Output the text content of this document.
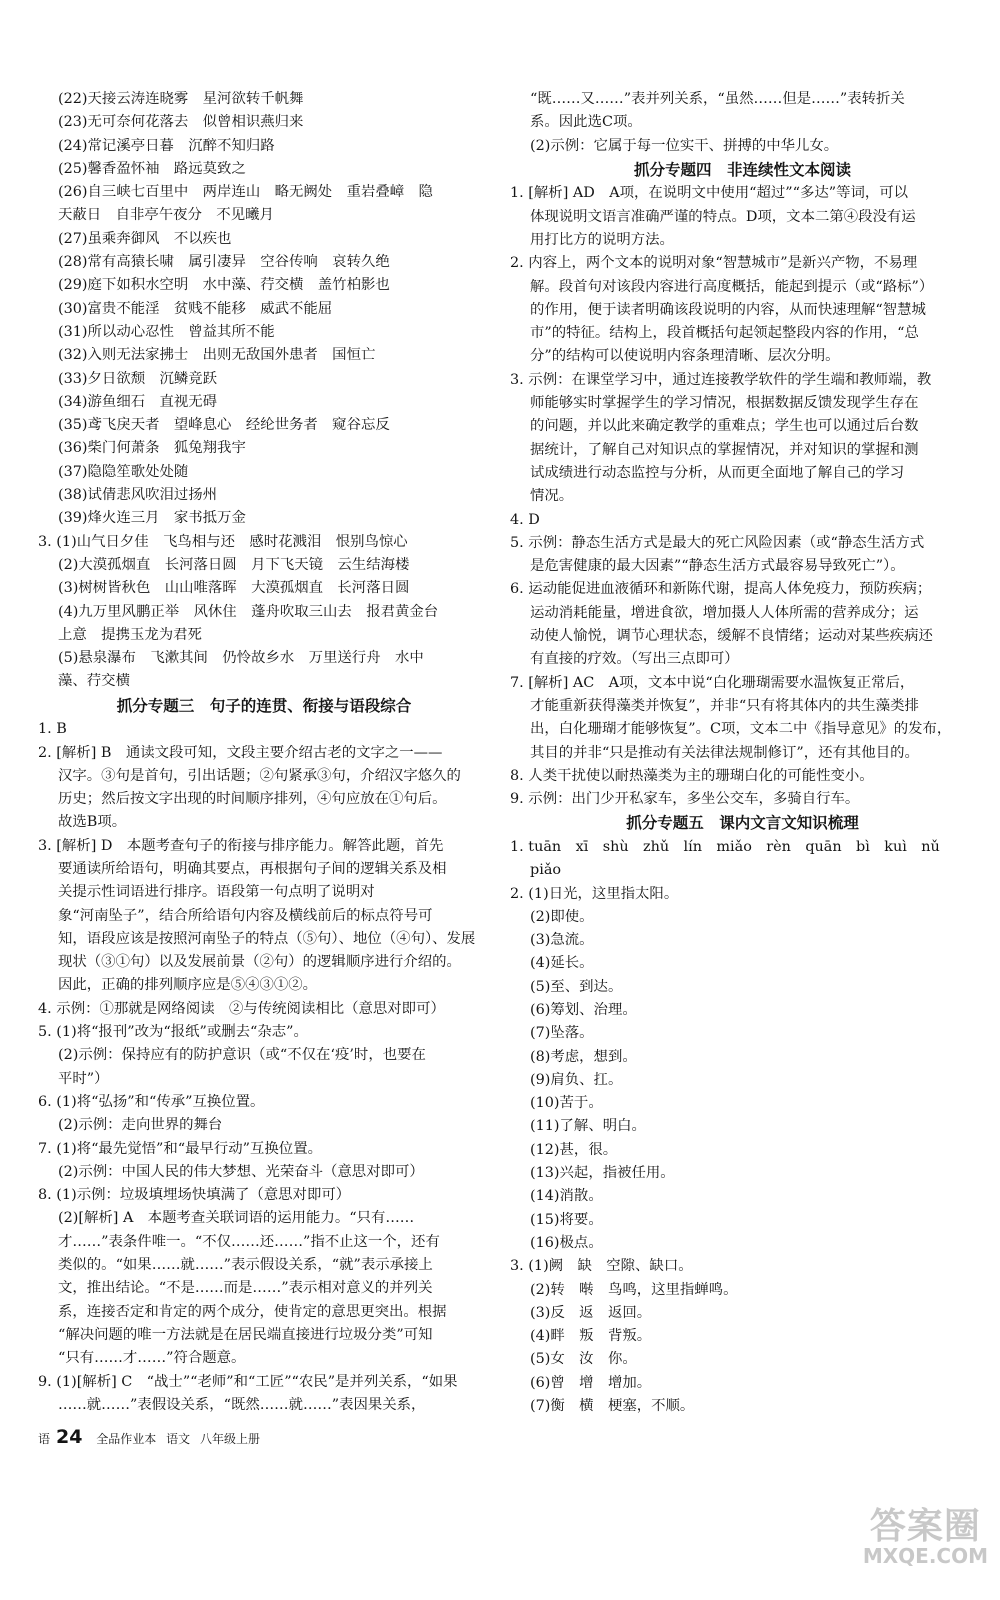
(22)天接云涛连晓雾　星河欲转千帆舞
(23)无可奈何花落去　似曾相识燕归来
(24)常记溪亭日暮　沉醉不知归路
(25)馨香盈怀袖　路远莫致之
(26)自三峡七百里中　两岸连山　略无阙处　重岩叠嶂　隐
天蔽日　自非亭午夜分　不见曦月
(27)虽乘奔御风　不以疾也
(28)常有高猿长啸　属引凄异　空谷传响　哀转久绝
(29)庭下如积水空明　水中藻、荇交横　盖竹柏影也
(30)富贵不能淫　贫贱不能移　威武不能屈
(31)所以动心忍性　曾益其所不能
(32)入则无法家拂士　出则无敌国外患者　国恒亡
(33)夕日欲颓　沉鳞竞跃
(34)游鱼细石　直视无碍
(35)鸢飞戾天者　望峰息心　经纶世务者　窥谷忘反
(36)柴门何萧条　狐兔翔我宇
(37)隐隐笙歌处处随
(38)试倩悲风吹泪过扬州
(39)烽火连三月　家书抵万金
3. (1)山气日夕佳　飞鸟相与还　感时花溅泪　恨别鸟惊心
(2)大漠孤烟直　长河落日圆　月下飞天镜　云生结海楼
(3)树树皆秋色　山山唯落晖　大漠孤烟直　长河落日圆
(4)九万里风鹏正举　风休住　蓬舟吹取三山去　报君黄金台
上意　提携玉龙为君死
(5)悬泉瀑布　飞漱其间　仍怜故乡水　万里送行舟　水中
藻、荇交横
抓分专题三　句子的连贯、衔接与语段综合
1. B
2. [解析] B　通读文段可知，文段主要介绍古老的文字之一——
汉字。③句是首句，引出话题；②句紧承③句，介绍汉字悠久的
历史；然后按文字出现的时间顺序排列，④句应放在①句后。
故选B项。
3. [解析] D　本题考查句子的衔接与排序能力。解答此题，首先
要通读所给语句，明确其要点，再根据句子间的逻辑关系及相
关提示性词语进行排序。语段第一句点明了说明对
象“河南坠子”，结合所给语句内容及横线前后的标点符号可
知，语段应该是按照河南坠子的特点（⑤句）、地位（④句）、发展
现状（③①句）以及发展前景（②句）的逻辑顺序进行介绍的。
因此，正确的排列顺序应是⑤④③①②。
4. 示例：①那就是网络阅读　②与传统阅读相比（意思对即可）
5. (1)将“报刊”改为“报纸”或删去“杂志”。
(2)示例：保持应有的防护意识（或“不仅在‘疫’时，也要在
平时”）
6. (1)将“弘扬”和“传承”互换位置。
(2)示例：走向世界的舞台
7. (1)将“最先觉悟”和“最早行动”互换位置。
(2)示例：中国人民的伟大梦想、光荣奋斗（意思对即可）
8. (1)示例：垃圾填埋场快填满了（意思对即可）
(2)[解析] A　本题考查关联词语的运用能力。“只有……
才……”表条件唯一。“不仅……还……”指不止这一个，还有
类似的。“如果……就……”表示假设关系，“就”表示承接上
文，推出结论。“不是……而是……”表示相对意义的并列关
系，连接否定和肯定的两个成分，使肯定的意思更突出。根据
“解决问题的唯一方法就是在居民端直接进行垃圾分类”可知
“只有……才……”符合题意。
9. (1)[解析] C　“战士”“老师”和“工匠”“农民”是并列关系，“如果
……就……”表假设关系，“既然……就……”表因果关系，
“既……又……”表并列关系，“虽然……但是……”表转折关
系。因此选C项。
(2)示例：它属于每一位实干、拼搏的中华儿女。
抓分专题四　非连续性文本阅读
1. [解析] AD　A项，在说明文中使用“超过”“多达”等词，可以
体现说明文语言准确严谨的特点。D项，文本二第④段没有运
用打比方的说明方法。
2. 内容上，两个文本的说明对象“智慧城市”是新兴产物，不易理
解。段首句对该段内容进行高度概括，能起到提示（或“路标”）
的作用，便于读者明确该段说明的内容，从而快速理解“智慧城
市”的特征。结构上，段首概括句起领起整段内容的作用，“总
分”的结构可以使说明内容条理清晰、层次分明。
3. 示例：在课堂学习中，通过连接教学软件的学生端和教师端，教
师能够实时掌握学生的学习情况，根据数据反馈发现学生存在
的问题，并以此来确定教学的重难点；学生也可以通过后台数
据统计，了解自己对知识点的掌握情况，并对知识的掌握和测
试成绩进行动态监控与分析，从而更全面地了解自己的学习
情况。
4. D
5. 示例：静态生活方式是最大的死亡风险因素（或“静态生活方式
是危害健康的最大因素”“静态生活方式最容易导致死亡”）。
6. 运动能促进血液循环和新陈代谢，提高人体免疫力，预防疾病；
运动消耗能量，增进食欲，增加摄人人体所需的营养成分；运
动使人愉悦，调节心理状态，缓解不良情绪；运动对某些疾病还
有直接的疗效。（写出三点即可）
7. [解析] AC　A项，文本中说“白化珊瑚需要水温恢复正常后，
才能重新获得藻类并恢复”，并非“只有将其体内的共生藻类排
出，白化珊瑚才能够恢复”。C项，文本二中《指导意见》的发布，
其目的并非“只是推动有关法律法规制修订”，还有其他目的。
8. 人类干扰使以耐热藻类为主的珊瑚白化的可能性变小。
9. 示例：出门少开私家车，多坐公交车，多骑自行车。
抓分专题五　课内文言文知识梳理
1. tuān　xī　shù　zhǔ　lín　miǎo　rèn　quān　bì　kuì　nǔ
piǎo
2. (1)日光，这里指太阳。
(2)即使。
(3)急流。
(4)延长。
(5)至、到达。
(6)筹划、治理。
(7)坠落。
(8)考虑，想到。
(9)肩负、扛。
(10)苦于。
(11)了解、明白。
(12)甚，很。
(13)兴起，指被任用。
(14)消散。
(15)将要。
(16)极点。
3. (1)阙　缺　空隙、缺口。
(2)转　啭　鸟鸣，这里指蝉鸣。
(3)反　返　返回。
(4)畔　叛　背叛。
(5)女　汝　你。
(6)曾　增　增加。
(7)衡　横　梗塞，不顺。
语 24 全品作业本 语文 八年级上册
答案圈
MXQE.COM
